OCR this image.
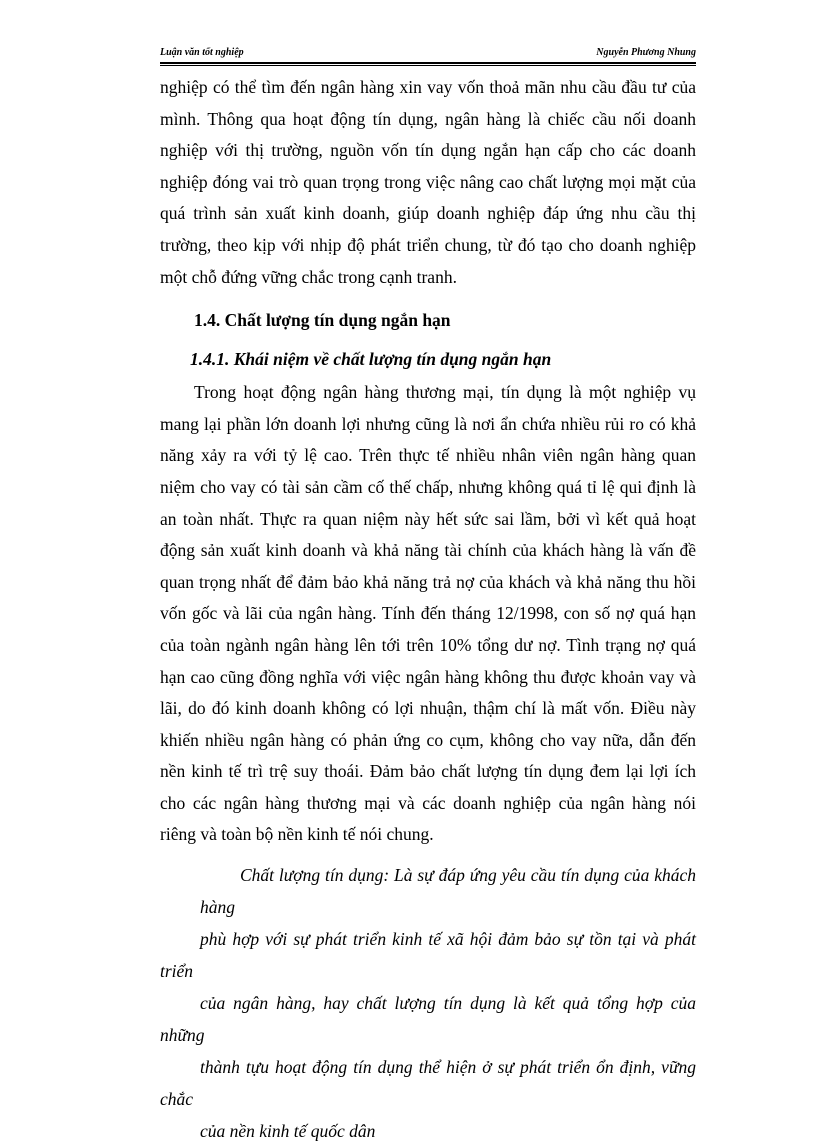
Luận văn tốt nghiệp	Nguyễn Phương Nhung
nghiệp có thể tìm đến ngân hàng xin vay vốn thoả mãn nhu cầu đầu tư của
mình. Thông qua hoạt động tín dụng, ngân hàng là chiếc cầu nối doanh
nghiệp với thị trường, nguồn vốn tín dụng ngắn hạn cấp cho các doanh
nghiệp đóng vai trò quan trọng trong việc nâng cao chất lượng mọi mặt của
quá trình sản xuất kinh doanh, giúp doanh nghiệp đáp ứng nhu cầu thị
trường, theo kịp với nhịp độ phát triển chung, từ đó tạo cho doanh nghiệp
một chỗ đứng vững chắc trong cạnh tranh.
1.4. Chất lượng tín dụng ngắn hạn
1.4.1. Khái niệm về chất lượng tín dụng ngắn hạn
Trong hoạt động ngân hàng thương mại, tín dụng là một nghiệp vụ
mang lại phần lớn doanh lợi nhưng cũng là nơi ẩn chứa nhiều rủi ro có khả
năng xảy ra với tỷ lệ cao. Trên thực tế nhiều nhân viên ngân hàng quan
niệm cho vay có tài sản cầm cố thế chấp, nhưng không quá tỉ lệ qui định là
an toàn nhất. Thực ra quan niệm này hết sức sai lầm, bởi vì kết quả hoạt
động sản xuất kinh doanh và khả năng tài chính của khách hàng là vấn đề
quan trọng nhất để đảm bảo khả năng trả nợ của khách và khả năng thu hồi
vốn gốc và lãi của ngân hàng. Tính đến tháng 12/1998, con số nợ quá hạn
của toàn ngành ngân hàng lên tới trên 10% tổng dư nợ. Tình trạng nợ quá
hạn cao cũng đồng nghĩa với việc ngân hàng không thu được khoản vay và
lãi, do đó kinh doanh không có lợi nhuận, thậm chí là mất vốn. Điều này
khiến nhiều ngân hàng có phản ứng co cụm, không cho vay nữa, dẫn đến
nền kinh tế trì trệ suy thoái. Đảm bảo chất lượng tín dụng đem lại lợi ích
cho các ngân hàng thương mại và các doanh nghiệp của ngân hàng nói
riêng và toàn bộ nền kinh tế nói chung.
Chất lượng tín dụng: Là sự đáp ứng yêu cầu tín dụng của khách hàng
phù hợp với sự phát triển kinh tế xã hội đảm bảo sự tồn tại và phát triển
của ngân hàng, hay chất lượng tín dụng là kết quả tổng hợp của những
thành tựu hoạt động tín dụng thể hiện ở sự phát triển ổn định, vững chắc
của nền kinh tế quốc dân
